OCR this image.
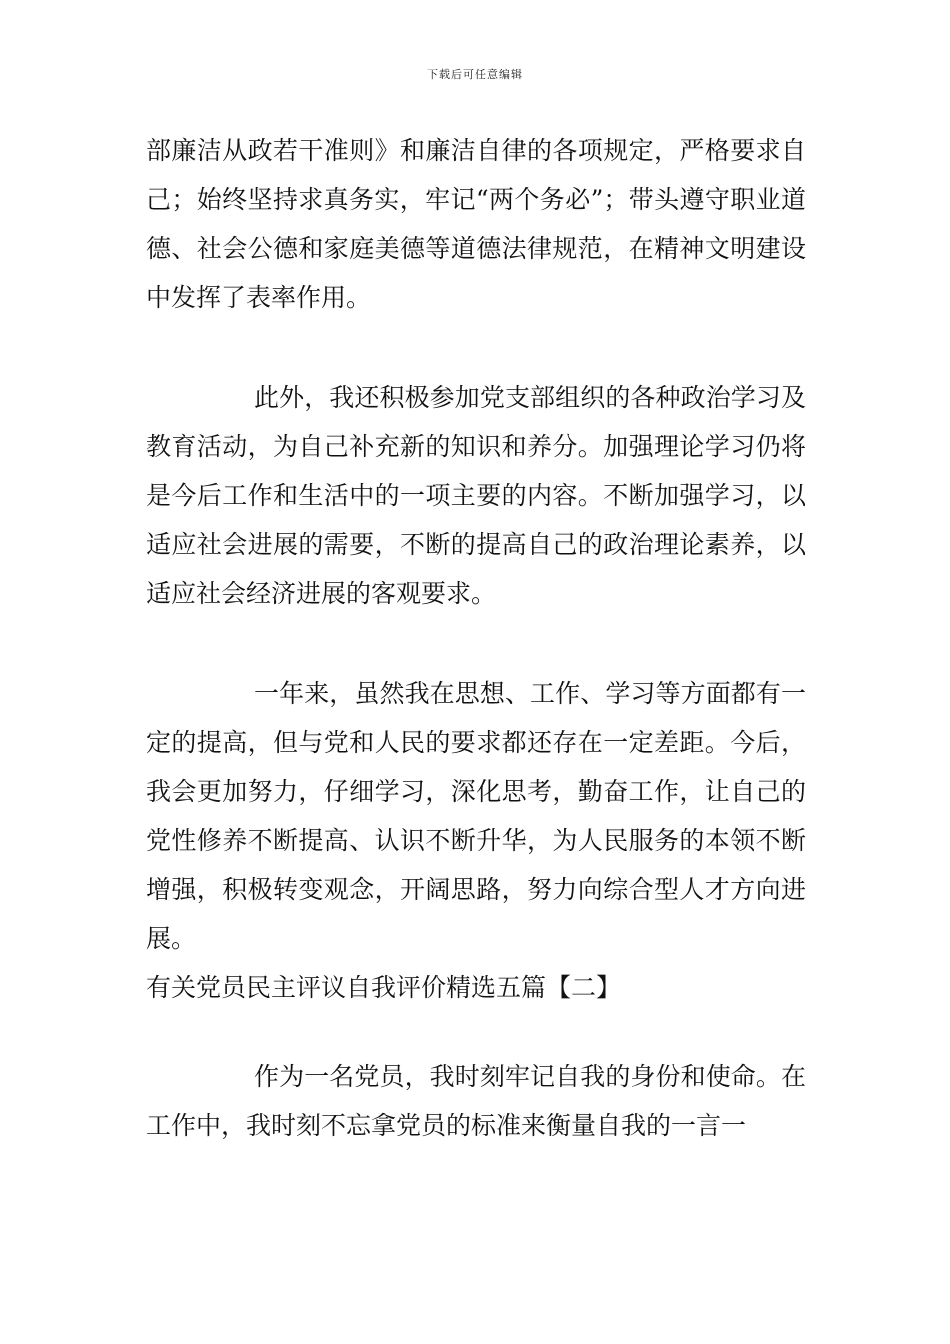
下载后可任意编辑

部廉洁从政若干准则》和廉洁自律的各项规定，严格要求自己；始终坚持求真务实，牢记“两个务必”；带头遵守职业道德、社会公德和家庭美德等道德法律规范，在精神文明建设中发挥了表率作用。

此外，我还积极参加党支部组织的各种政治学习及教育活动，为自己补充新的知识和养分。加强理论学习仍将是今后工作和生活中的一项主要的内容。不断加强学习，以适应社会进展的需要，不断的提高自己的政治理论素养，以适应社会经济进展的客观要求。

一年来，虽然我在思想、工作、学习等方面都有一定的提高，但与党和人民的要求都还存在一定差距。今后，我会更加努力，仔细学习，深化思考，勤奋工作，让自己的党性修养不断提高、认识不断升华，为人民服务的本领不断增强，积极转变观念，开阔思路，努力向综合型人才方向进展。

有关党员民主评议自我评价精选五篇【二】

作为一名党员，我时刻牢记自我的身份和使命。在工作中，我时刻不忘拿党员的标准来衡量自我的一言一
